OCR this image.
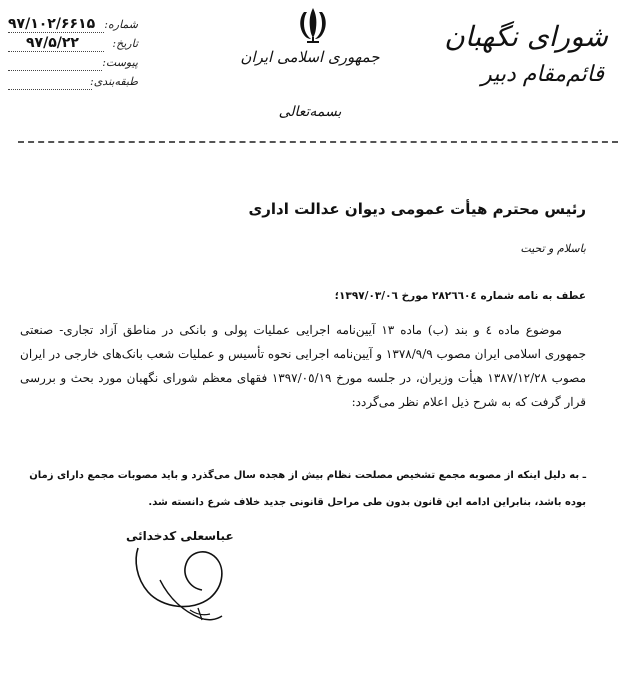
شماره:
۹۷/۱۰۲/۶۶۱۵
تاریخ:
۹۷/۵/۲۲
پیوست:
طبقه‌بندی:
جمهوری اسلامی ایران
بسمه‌تعالی
شورای نگهبان
قائم‌مقام دبیر
رئیس محترم هیأت عمومی دیوان عدالت اداری
باسلام و تحیت
عطف به نامه شماره ٢٨٢٦٦٠٤ مورخ ١٣٩٧/٠٣/٠٦؛
موضوع ماده ٤ و بند (ب) ماده ١٣ آیین‌نامه اجرایی عملیات پولی و بانکی در مناطق آزاد تجاری- صنعتی جمهوری اسلامی ایران مصوب ١٣٧٨/٩/٩ و آیین‌نامه اجرایی نحوه تأسیس و عملیات شعب بانک‌های خارجی در ایران مصوب ١٣٨٧/١٢/٢٨ هیأت وزیران، در جلسه مورخ ١٣٩٧/٠٥/١٩ فقهای معظم شورای نگهبان مورد بحث و بررسی قرار گرفت که به شرح ذیل اعلام نظر می‌گردد:
ـ به دلیل اینکه از مصوبه مجمع تشخیص مصلحت نظام بیش از هجده سال می‌گذرد و باید مصوبات مجمع دارای زمان بوده باشد، بنابراین ادامه این قانون بدون طی مراحل قانونی جدید خلاف شرع دانسته شد.
عباسعلی کدخدائی
